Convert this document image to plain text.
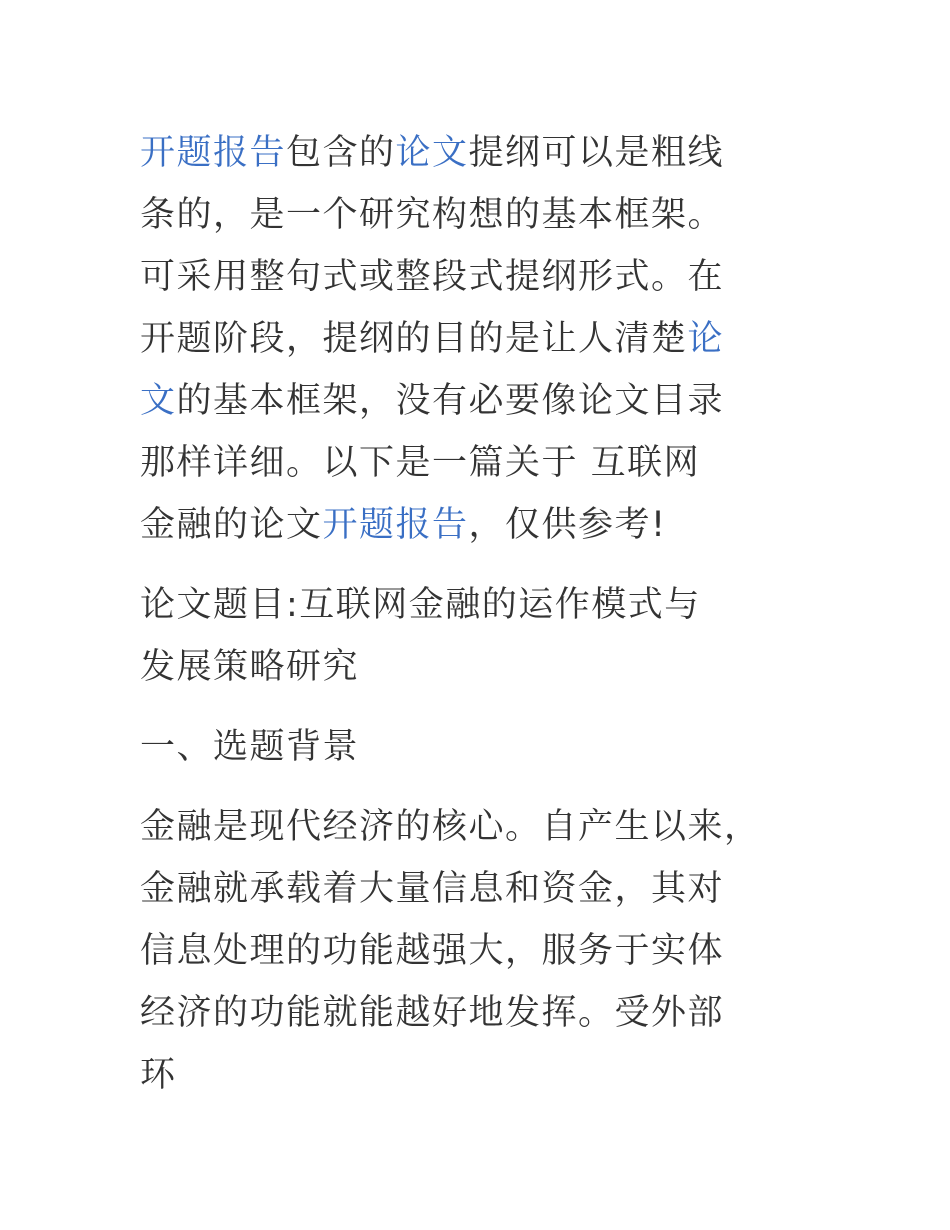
开题报告包含的论文提纲可以是粗线
条的，是一个研究构想的基本框架。
可采用整句式或整段式提纲形式。在
开题阶段，提纲的目的是让人清楚论
文的基本框架，没有必要像论文目录
那样详细。以下是一篇关于 互联网
金融的论文开题报告，仅供参考!
论文题目:互联网金融的运作模式与
发展策略研究
一、选题背景
金融是现代经济的核心。自产生以来，
金融就承载着大量信息和资金，其对
信息处理的功能越强大，服务于实体
经济的功能就能越好地发挥。受外部
环
